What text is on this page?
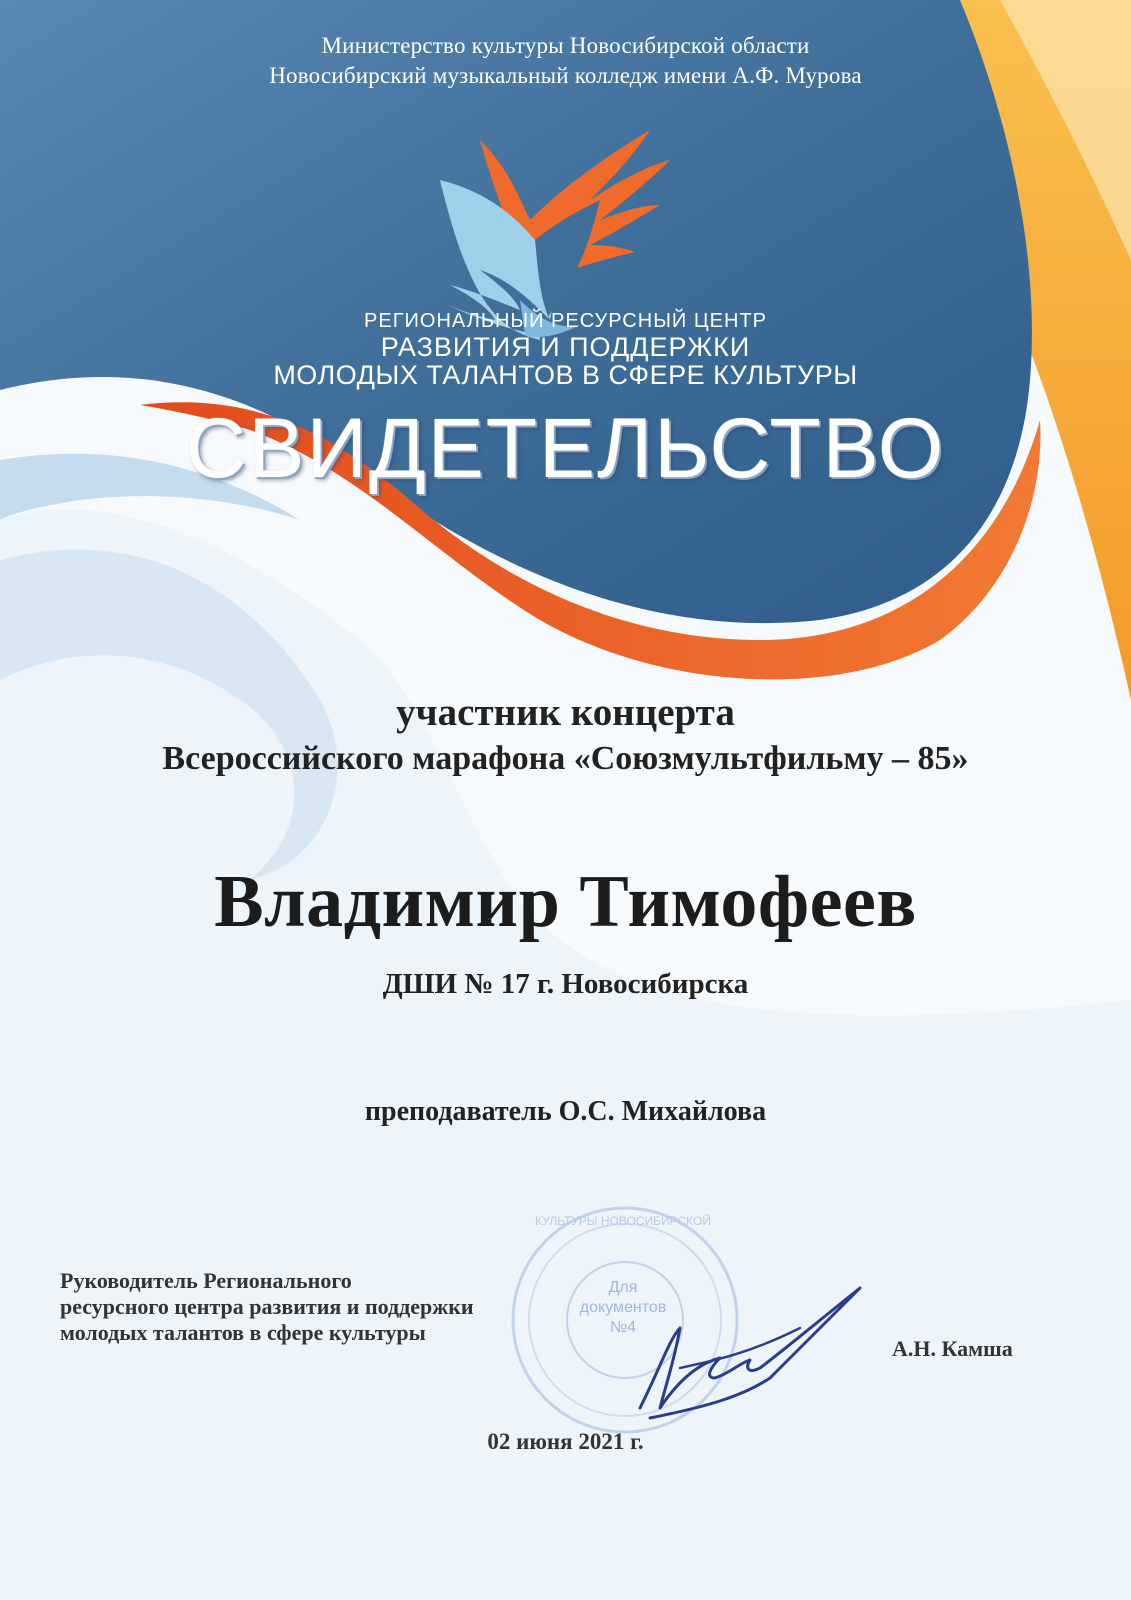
Министерство культуры Новосибирской области
Новосибирский музыкальный колледж имени А.Ф. Мурова
РЕГИОНАЛЬНЫЙ РЕСУРСНЫЙ ЦЕНТР
РАЗВИТИЯ И ПОДДЕРЖКИ
МОЛОДЫХ ТАЛАНТОВ В СФЕРЕ КУЛЬТУРЫ
СВИДЕТЕЛЬСТВО
участник концерта
Всероссийского марафона «Союзмультфильму – 85»
Владимир Тимофеев
ДШИ № 17 г. Новосибирска
преподаватель О.С. Михайлова
КУЛЬТУРЫ НОВОСИБИРСКОЙ
Для
документов
№4
Руководитель Регионального
ресурсного центра развития и поддержки
молодых талантов в сфере культуры
А.Н. Камша
02 июня 2021 г.
